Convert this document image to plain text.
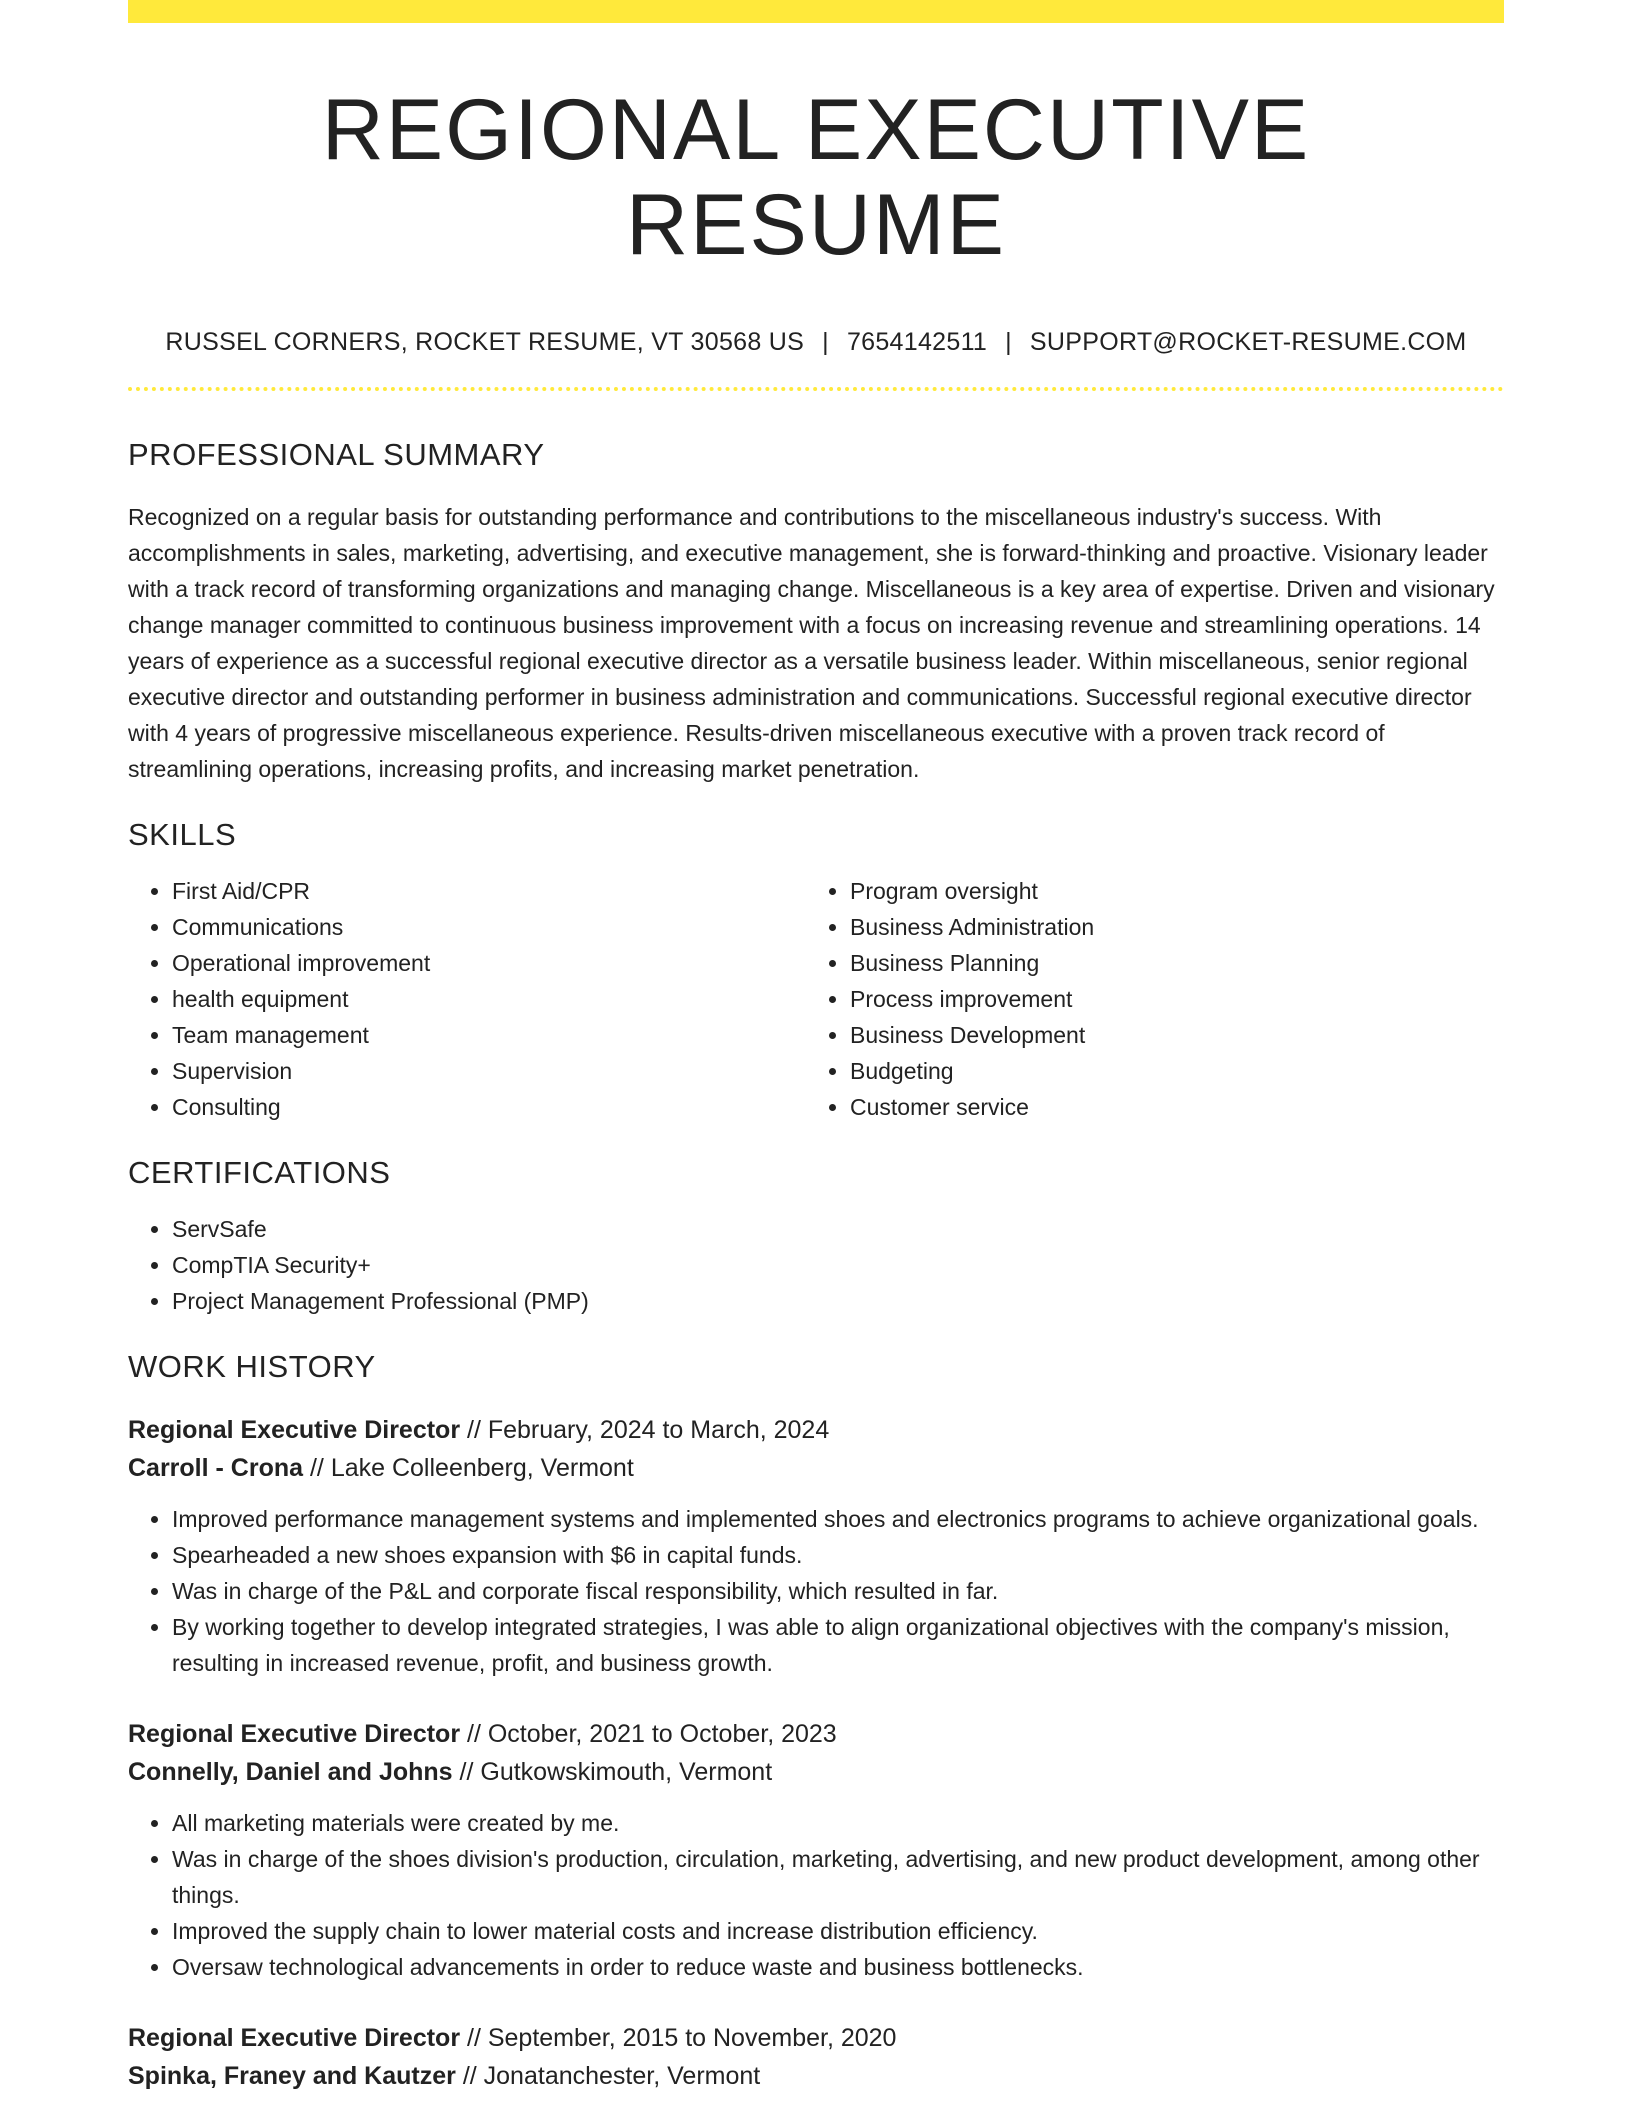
REGIONAL EXECUTIVE RESUME
RUSSEL CORNERS, ROCKET RESUME, VT 30568 US | 7654142511 | SUPPORT@ROCKET-RESUME.COM
PROFESSIONAL SUMMARY
Recognized on a regular basis for outstanding performance and contributions to the miscellaneous industry's success. With accomplishments in sales, marketing, advertising, and executive management, she is forward-thinking and proactive. Visionary leader with a track record of transforming organizations and managing change. Miscellaneous is a key area of expertise. Driven and visionary change manager committed to continuous business improvement with a focus on increasing revenue and streamlining operations. 14 years of experience as a successful regional executive director as a versatile business leader. Within miscellaneous, senior regional executive director and outstanding performer in business administration and communications. Successful regional executive director with 4 years of progressive miscellaneous experience. Results-driven miscellaneous executive with a proven track record of streamlining operations, increasing profits, and increasing market penetration.
SKILLS
• First Aid/CPR
• Communications
• Operational improvement
• health equipment
• Team management
• Supervision
• Consulting
• Program oversight
• Business Administration
• Business Planning
• Process improvement
• Business Development
• Budgeting
• Customer service
CERTIFICATIONS
• ServSafe
• CompTIA Security+
• Project Management Professional (PMP)
WORK HISTORY
Regional Executive Director // February, 2024 to March, 2024
Carroll - Crona // Lake Colleenberg, Vermont
• Improved performance management systems and implemented shoes and electronics programs to achieve organizational goals.
• Spearheaded a new shoes expansion with $6 in capital funds.
• Was in charge of the P&L and corporate fiscal responsibility, which resulted in far.
• By working together to develop integrated strategies, I was able to align organizational objectives with the company's mission, resulting in increased revenue, profit, and business growth.
Regional Executive Director // October, 2021 to October, 2023
Connelly, Daniel and Johns // Gutkowskimouth, Vermont
• All marketing materials were created by me.
• Was in charge of the shoes division's production, circulation, marketing, advertising, and new product development, among other things.
• Improved the supply chain to lower material costs and increase distribution efficiency.
• Oversaw technological advancements in order to reduce waste and business bottlenecks.
Regional Executive Director // September, 2015 to November, 2020
Spinka, Franey and Kautzer // Jonatanchester, Vermont
